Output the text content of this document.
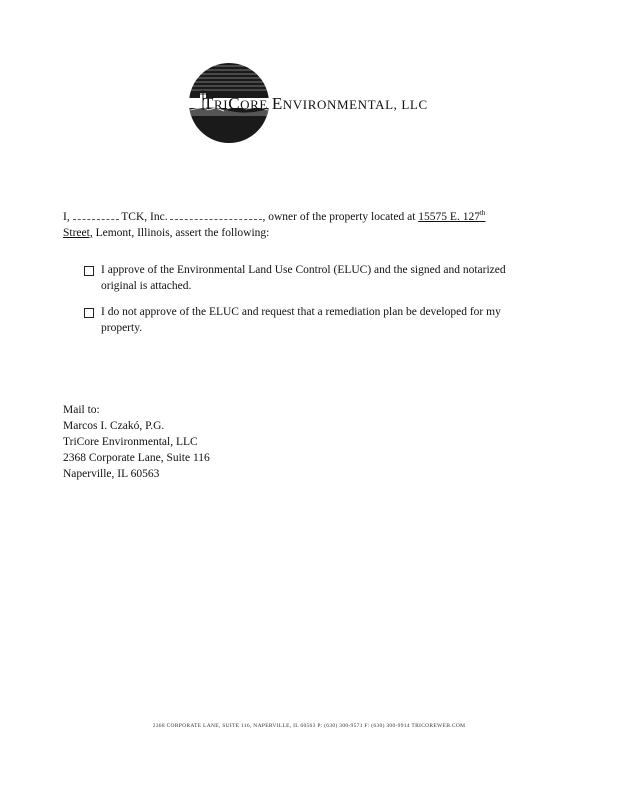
TRICORE ENVIRONMENTAL, LLC
I,	TCK, Inc.	, owner of the property located at 15575 E. 127th
Street, Lemont, Illinois, assert the following:
I approve of the Environmental Land Use Control (ELUC) and the signed and notarized original is attached.
I do not approve of the ELUC and request that a remediation plan be developed for my property.
Mail to:
Marcos I. Czakó, P.G.
TriCore Environmental, LLC
2368 Corporate Lane, Suite 116
Naperville, IL 60563
2368 CORPORATE LANE, SUITE 116, NAPERVILLE, IL 60563 P: (630) 300-9571 F: (630) 300-9914 TRICOREWEB.COM
